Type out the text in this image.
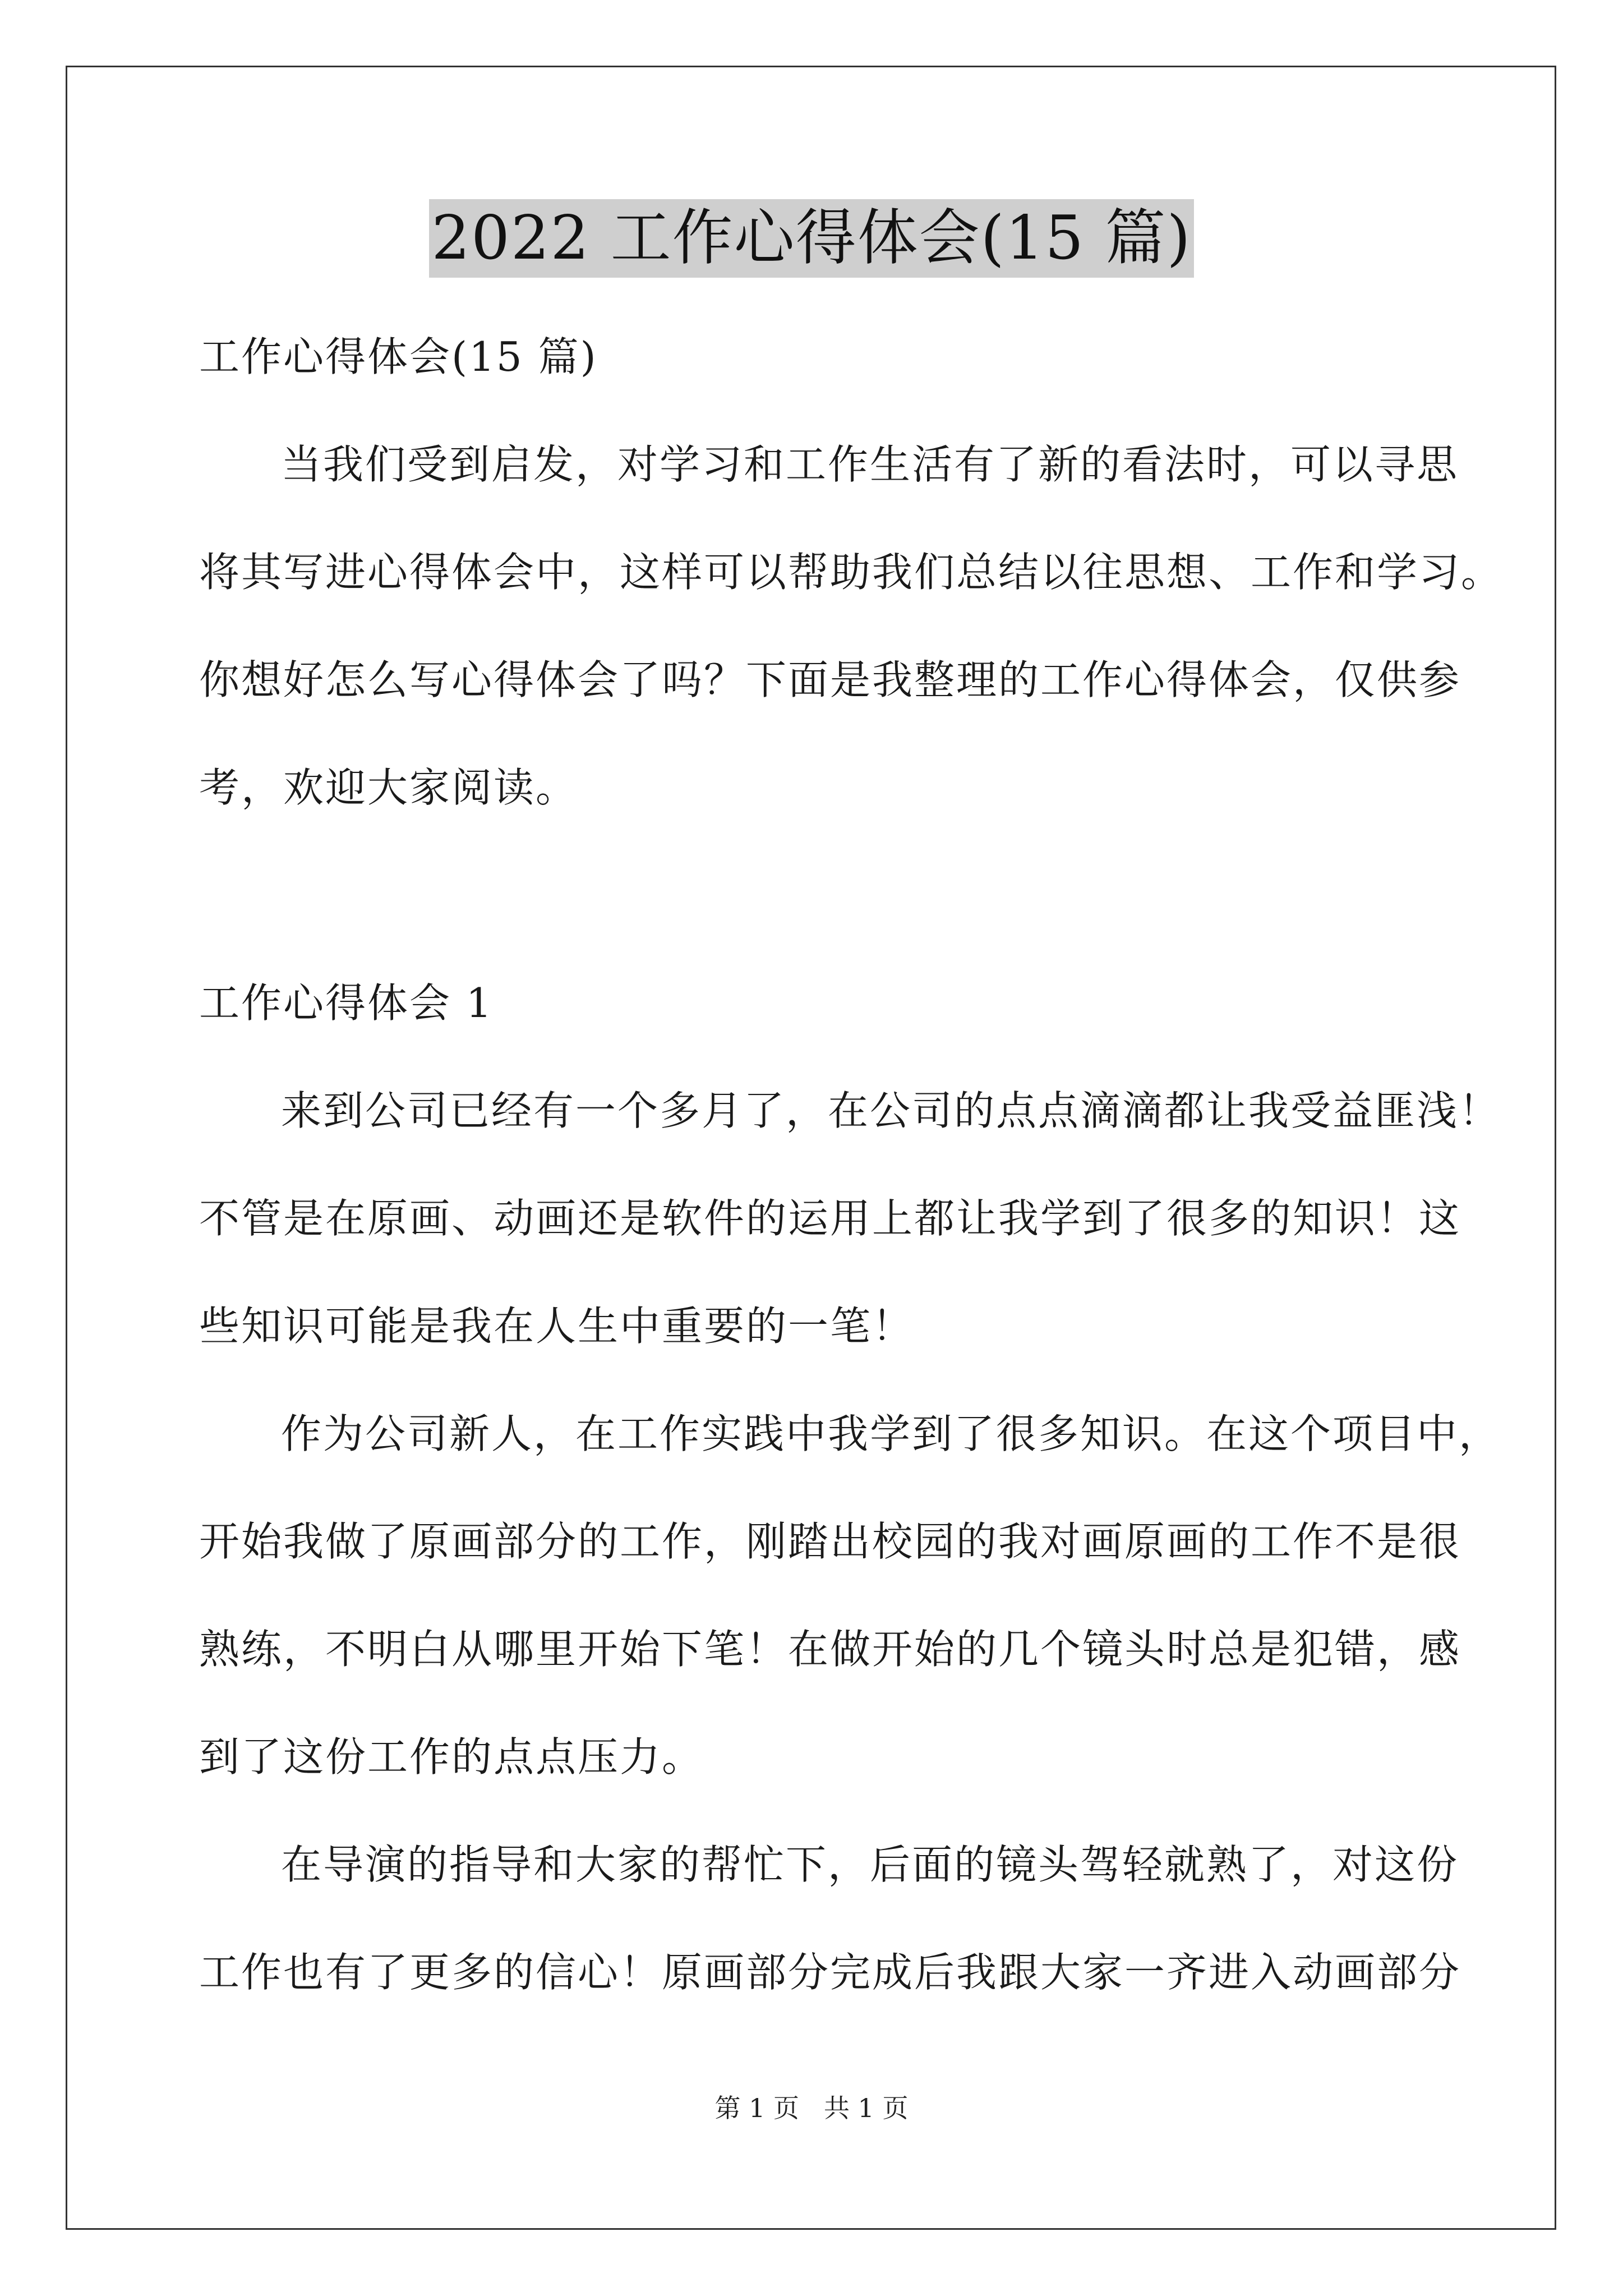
2022 工作心得体会(15 篇)
工作心得体会(15 篇)
当我们受到启发，对学习和工作生活有了新的看法时，可以寻思
将其写进心得体会中，这样可以帮助我们总结以往思想、工作和学习。
你想好怎么写心得体会了吗？下面是我整理的工作心得体会，仅供参
考，欢迎大家阅读。
工作心得体会 1
来到公司已经有一个多月了，在公司的点点滴滴都让我受益匪浅！
不管是在原画、动画还是软件的运用上都让我学到了很多的知识！这
些知识可能是我在人生中重要的一笔！
作为公司新人，在工作实践中我学到了很多知识。在这个项目中，
开始我做了原画部分的工作，刚踏出校园的我对画原画的工作不是很
熟练，不明白从哪里开始下笔！在做开始的几个镜头时总是犯错，感
到了这份工作的点点压力。
在导演的指导和大家的帮忙下，后面的镜头驾轻就熟了，对这份
工作也有了更多的信心！原画部分完成后我跟大家一齐进入动画部分
第 1 页 共 1 页
